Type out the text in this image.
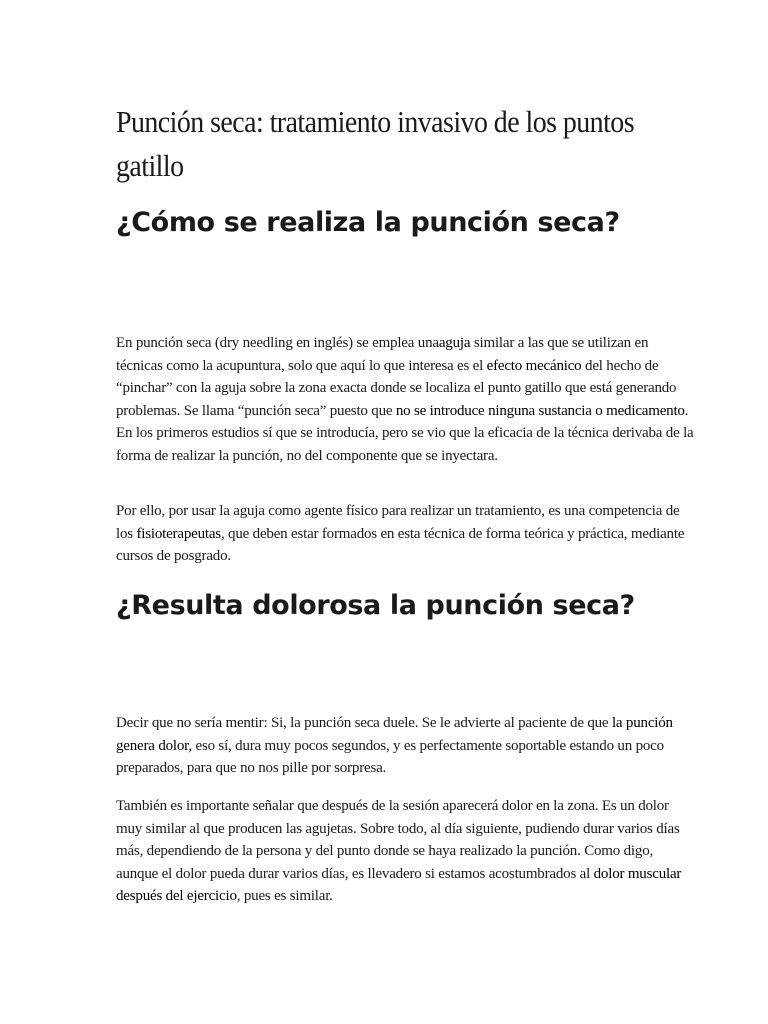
Punción seca: tratamiento invasivo de los puntos gatillo
¿Cómo se realiza la punción seca?

En punción seca (dry needling en inglés) se emplea unaaguja similar a las que se utilizan en técnicas como la acupuntura, solo que aquí lo que interesa es el efecto mecánico del hecho de “pinchar” con la aguja sobre la zona exacta donde se localiza el punto gatillo que está generando problemas. Se llama “punción seca” puesto que no se introduce ninguna sustancia o medicamento. En los primeros estudios sí que se introducía, pero se vio que la eficacia de la técnica derivaba de la forma de realizar la punción, no del componente que se inyectara.

Por ello, por usar la aguja como agente físico para realizar un tratamiento, es una competencia de los fisioterapeutas, que deben estar formados en esta técnica de forma teórica y práctica, mediante cursos de posgrado.

¿Resulta dolorosa la punción seca?

Decir que no sería mentir: Si, la punción seca duele. Se le advierte al paciente de que la punción genera dolor, eso sí, dura muy pocos segundos, y es perfectamente soportable estando un poco preparados, para que no nos pille por sorpresa.

También es importante señalar que después de la sesión aparecerá dolor en la zona. Es un dolor muy similar al que producen las agujetas. Sobre todo, al día siguiente, pudiendo durar varios días más, dependiendo de la persona y del punto donde se haya realizado la punción. Como digo, aunque el dolor pueda durar varios días, es llevadero si estamos acostumbrados al dolor muscular después del ejercicio, pues es similar.
